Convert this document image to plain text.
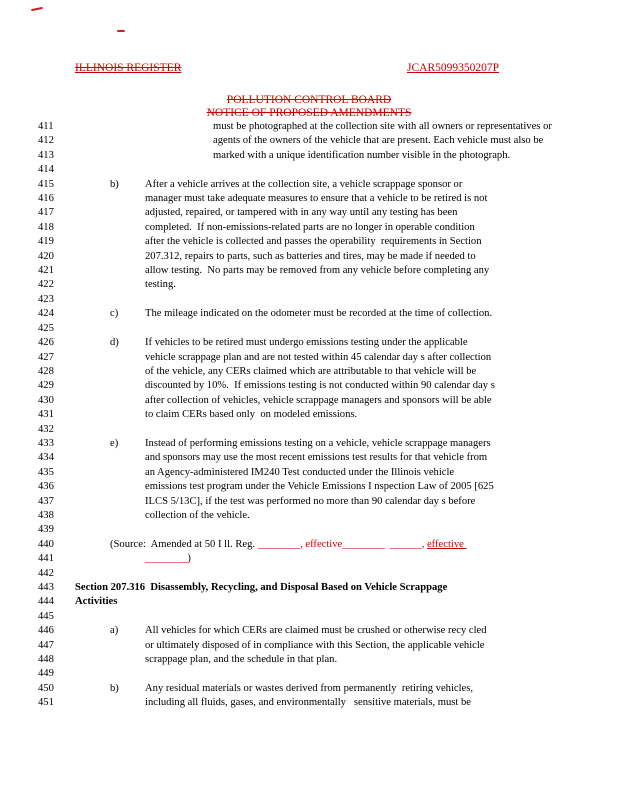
ILLINOIS REGISTER	JCAR5099350207P
POLLUTION CONTROL BOARD
NOTICE OF PROPOSED AMENDMENTS
411	must be photographed at the collection site with all owners or representatives or
412	agents of the owners of the vehicle that are present. Each vehicle must also be
413	marked with a unique identification number visible in the photograph.
414
415	b) After a vehicle arrives at the collection site, a vehicle scrappage sponsor or
416	manager must take adequate measures to ensure that a vehicle to be retired is not
417	adjusted, repaired, or tampered with in any way until any testing has been
418	completed.  If non-emissions-related parts are no longer in operable condition
419	after the vehicle is collected and passes the operability  requirements in Section
420	207.312, repairs to parts, such as batteries and tires, may be made if needed to
421	allow testing.  No parts may be removed from any vehicle before completing any
422	testing.
423
424	c)	The mileage indicated on the odometer must be recorded at the time of collection.
425
426	d) If vehicles to be retired must undergo emissions testing under the applicable
427	vehicle scrappage plan and are not tested within 45 calendar day s after collection
428	of the vehicle, any CERs claimed which are attributable to that vehicle will be
429	discounted by 10%.  If emissions testing is not conducted within 90 calendar day s
430	after collection of vehicles, vehicle scrappage managers and sponsors will be able
431	to claim CERs based only  on modeled emissions.
432
433	e)	Instead of performing emissions testing on a vehicle, vehicle scrappage managers
434	and sponsors may use the most recent emissions test results for that vehicle from
435	an Agency-administered IM240 Test conducted under the Illinois vehicle
436	emissions test program under the Vehicle Emissions I nspection Law of 2005 [625
437	ILCS 5/13C], if the test was performed no more than 90 calendar day s before
438	collection of the vehicle.
439
440	(Source:  Amended at 50 I ll. Reg. ________, effective________ ______, effective
441	________)
442
443 Section 207.316  Disassembly, Recycling, and Disposal Based on Vehicle Scrappage
444 Activities
445
446	a)	All vehicles for which CERs are claimed must be crushed or otherwise recy cled
447	or ultimately disposed of in compliance with this Section, the applicable vehicle
448	scrappage plan, and the schedule in that plan.
449
450	b) Any residual materials or wastes derived from permanently  retiring vehicles,
451	including all fluids, gases, and environmentally   sensitive materials, must be
